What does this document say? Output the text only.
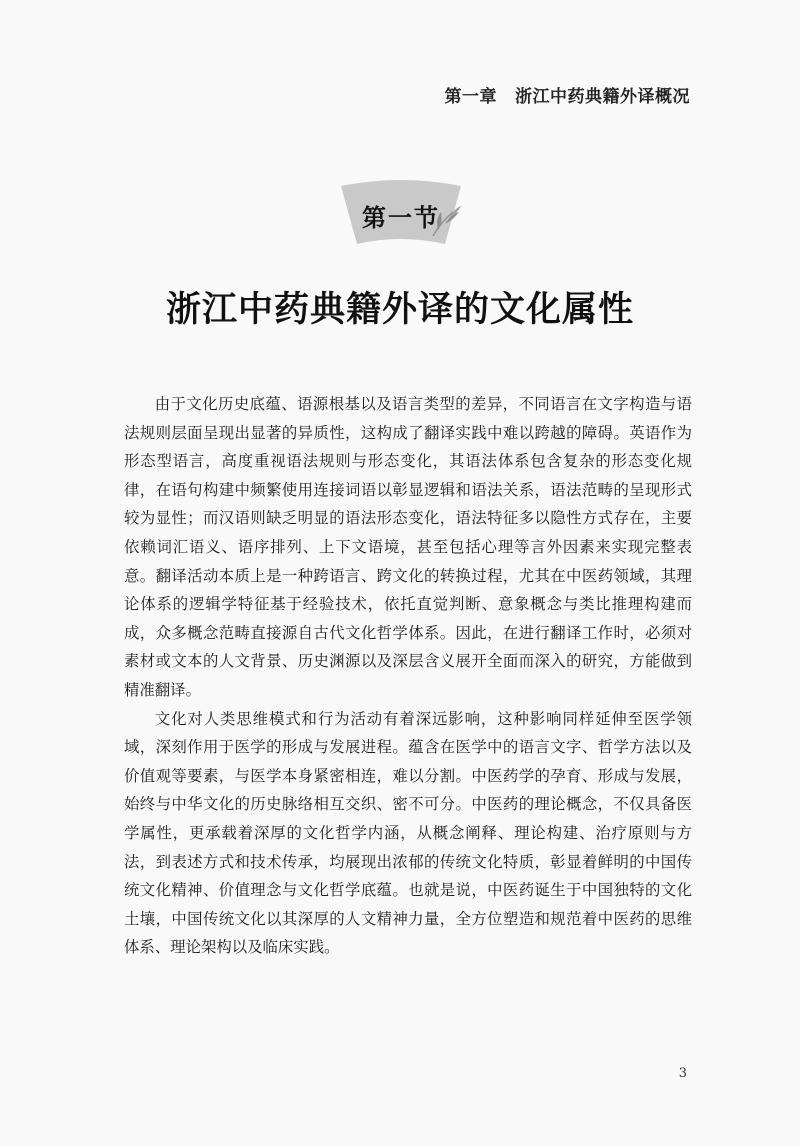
第一章 浙江中药典籍外译概况
第一节
浙江中药典籍外译的文化属性

由于文化历史底蕴、语源根基以及语言类型的差异，不同语言在文字构造与语法规则层面呈现出显著的异质性，这构成了翻译实践中难以跨越的障碍。英语作为形态型语言，高度重视语法规则与形态变化，其语法体系包含复杂的形态变化规律，在语句构建中频繁使用连接词语以彰显逻辑和语法关系，语法范畴的呈现形式较为显性；而汉语则缺乏明显的语法形态变化，语法特征多以隐性方式存在，主要依赖词汇语义、语序排列、上下文语境，甚至包括心理等言外因素来实现完整表意。翻译活动本质上是一种跨语言、跨文化的转换过程，尤其在中医药领域，其理论体系的逻辑学特征基于经验技术，依托直觉判断、意象概念与类比推理构建而成，众多概念范畴直接源自古代文化哲学体系。因此，在进行翻译工作时，必须对素材或文本的人文背景、历史渊源以及深层含义展开全面而深入的研究，方能做到精准翻译。

文化对人类思维模式和行为活动有着深远影响，这种影响同样延伸至医学领域，深刻作用于医学的形成与发展进程。蕴含在医学中的语言文字、哲学方法以及价值观等要素，与医学本身紧密相连，难以分割。中医药学的孕育、形成与发展，始终与中华文化的历史脉络相互交织、密不可分。中医药的理论概念，不仅具备医学属性，更承载着深厚的文化哲学内涵，从概念阐释、理论构建、治疗原则与方法，到表述方式和技术传承，均展现出浓郁的传统文化特质，彰显着鲜明的中国传统文化精神、价值理念与文化哲学底蕴。也就是说，中医药诞生于中国独特的文化土壤，中国传统文化以其深厚的人文精神力量，全方位塑造和规范着中医药的思维体系、理论架构以及临床实践。

3
